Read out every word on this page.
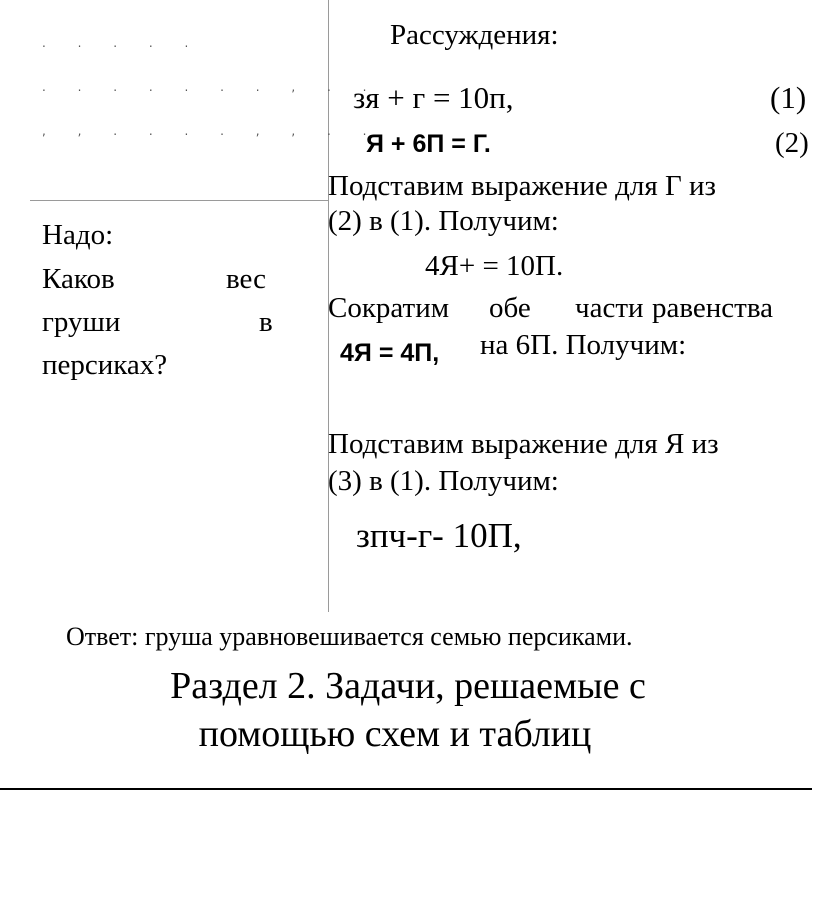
. . . . .
. . . . . . . , . .
, , . . . . , , . .
Надо:
Каков	вес
груши	в
персиках?
Рассуждения:
зя + г = 10п,	(1)
Я + 6П = Г.	(2)
Подставим выражение для Г из
(2) в (1). Получим:
4Я+ = 10П.
Сократим обе части равенства
4Я = 4П, на 6П. Получим:
Подставим выражение для Я из
(3) в (1). Получим:
зпч-г- 10П,
Ответ: груша уравновешивается семью персиками.
Раздел 2. Задачи, решаемые с
помощью схем и таблиц
